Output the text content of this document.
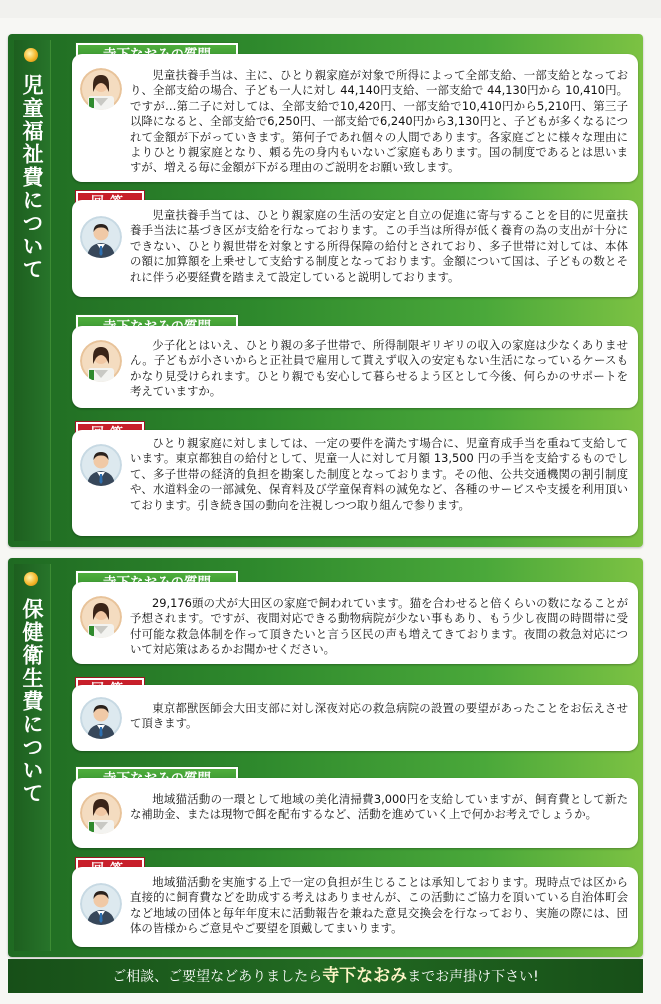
児童福祉費について	児童扶養手当は、主に、ひとり親家庭が対象で所得によって全部支給、一部支給となっており、全部支給の場合、子ども一人に対し 44,140円支給、一部支給で 44,130円から 10,410円。ですが…第二子に対しては、全部支給で10,420円、一部支給で10,410円から5,210円、第三子以降になると、全部支給で6,250円、一部支給で6,240円から3,130円と、子どもが多くなるにつれて金額が下がっていきます。第何子であれ個々の人間であります。各家庭ごとに様々な理由によりひとり親家庭となり、頼る先の身内もいないご家庭もあります。国の制度であるとは思いますが、増える毎に金額が下がる理由のご説明をお願い致します。
児童扶養手当ては、ひとり親家庭の生活の安定と自立の促進に寄与することを目的に児童扶養手当法に基づき区が支給を行なっております。この手当は所得が低く養育の為の支出が十分にできない、ひとり親世帯を対象とする所得保障の給付とされており、多子世帯に対しては、本体の額に加算額を上乗せして支給する制度となっております。金額について国は、子どもの数とそれに伴う必要経費を踏まえて設定していると説明しております。
少子化とはいえ、ひとり親の多子世帯で、所得制限ギリギリの収入の家庭は少なくありません。子どもが小さいからと正社員で雇用して貰えず収入の安定もない生活になっているケースもかなり見受けられます。ひとり親でも安心して暮らせるよう区として今後、何らかのサポートを考えていますか。
ひとり親家庭に対しましては、一定の要件を満たす場合に、児童育成手当を重ねて支給しています。東京都独自の給付として、児童一人に対して月額 13,500 円の手当を支給するものでして、多子世帯の経済的負担を勘案した制度となっております。その他、公共交通機関の割引制度や、水道料金の一部減免、保育料及び学童保育料の減免など、各種のサービスや支援を利用頂いております。引き続き国の動向を注視しつつ取り組んで参ります。
保健衛生費について	29,176頭の犬が大田区の家庭で飼われています。猫を合わせると倍くらいの数になることが予想されます。ですが、夜間対応できる動物病院が少ない事もあり、もう少し夜間の時間帯に受付可能な救急体制を作って頂きたいと言う区民の声も増えてきております。夜間の救急対応について対応策はあるかお聞かせください。
東京都獣医師会大田支部に対し深夜対応の救急病院の設置の要望があったことをお伝えさせて頂きます。
地域猫活動の一環として地域の美化清掃費3,000円を支給していますが、飼育費として新たな補助金、または現物で餌を配布するなど、活動を進めていく上で何かお考えでしょうか。
地域猫活動を実施する上で一定の負担が生じることは承知しております。現時点では区から直接的に飼育費などを助成する考えはありませんが、この活動にご協力を頂いている自治体町会など地域の団体と毎年年度末に活動報告を兼ねた意見交換会を行なっており、実施の際には、団体の皆様からご意見やご要望を頂戴してまいります。
ご相談、ご要望などありましたら寺下なおみまでお声掛け下さい!
